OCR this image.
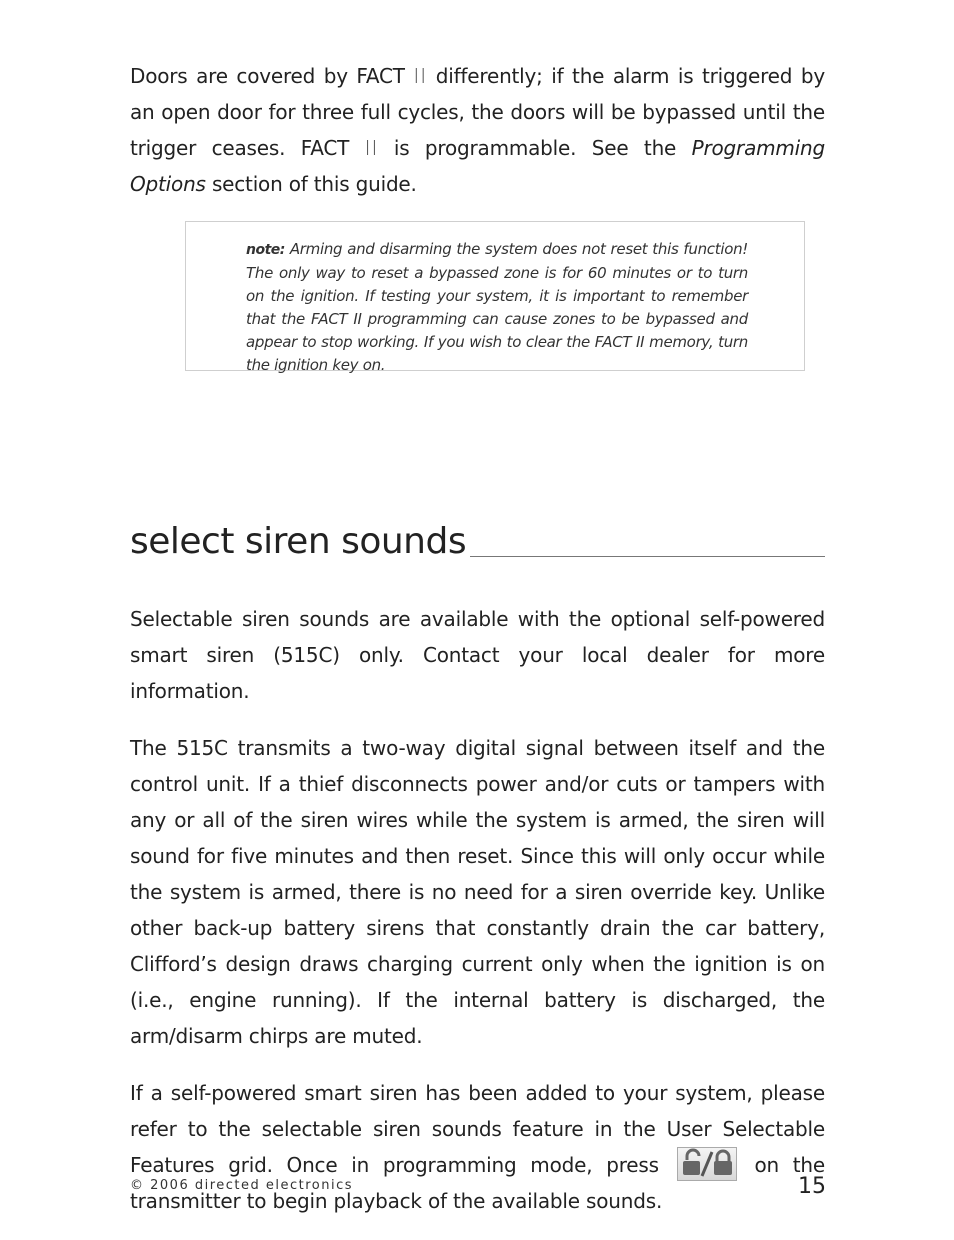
Doors are covered by FACT II differently; if the alarm is triggered by an open door for three full cycles, the doors will be bypassed until the trigger ceases. FACT II is programmable. See the Programming Options section of this guide.

note: Arming and disarming the system does not reset this function! The only way to reset a bypassed zone is for 60 minutes or to turn on the ignition. If testing your system, it is important to remember that the FACT II programming can cause zones to be bypassed and appear to stop working. If you wish to clear the FACT II memory, turn the ignition key on.
select siren sounds

Selectable siren sounds are available with the optional self-powered smart siren (515C) only. Contact your local dealer for more information.

The 515C transmits a two-way digital signal between itself and the control unit. If a thief disconnects power and/or cuts or tampers with any or all of the siren wires while the system is armed, the siren will sound for five minutes and then reset. Since this will only occur while the system is armed, there is no need for a siren override key. Unlike other back-up battery sirens that constantly drain the car battery, Clifford’s design draws charging current only when the ignition is on (i.e., engine running). If the internal battery is discharged, the arm/disarm chirps are muted.

If a self-powered smart siren has been added to your system, please refer to the selectable siren sounds feature in the User Selectable Features grid. Once in programming mode, press	on the transmitter to begin playback of the available sounds.

© 2006 directed electronics	15
